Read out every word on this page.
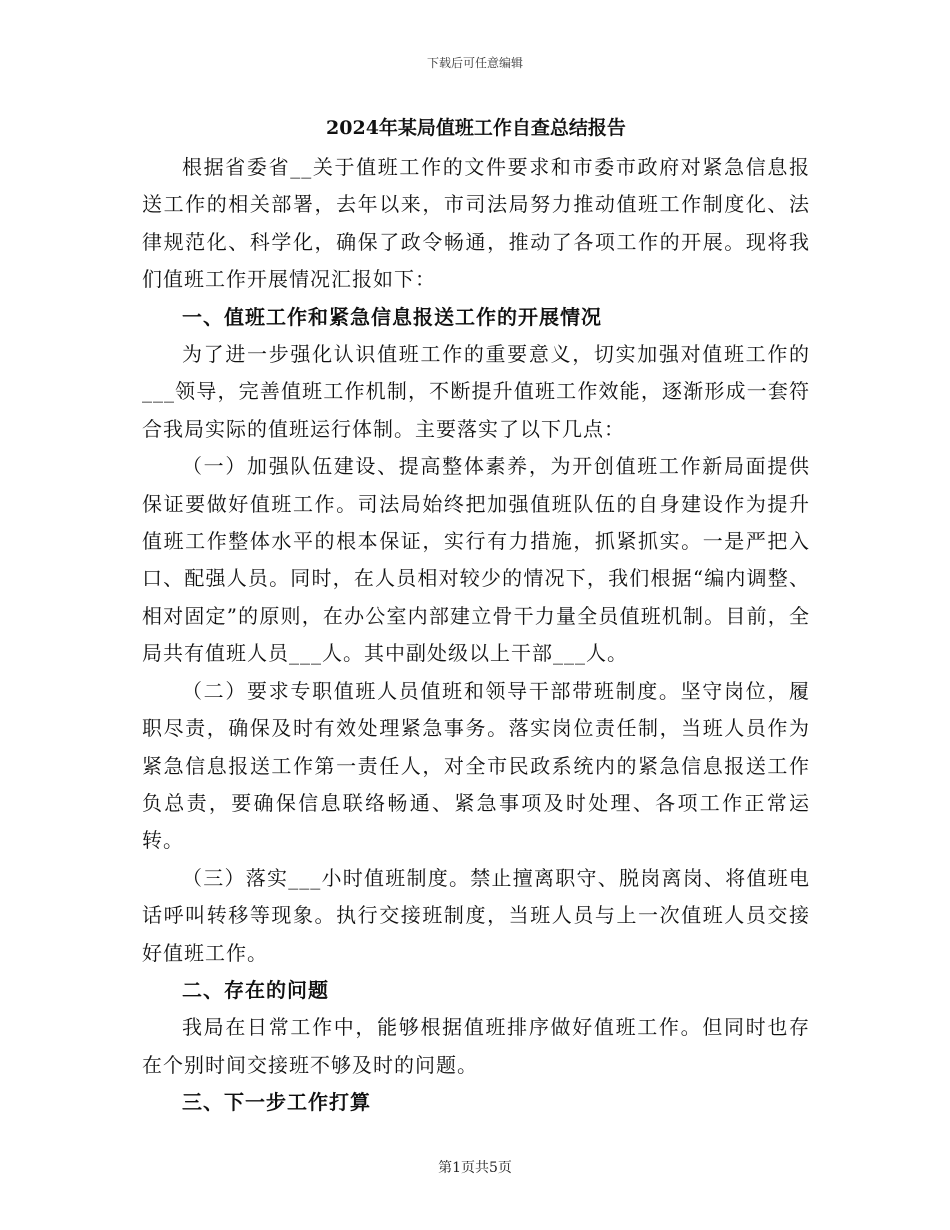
下载后可任意编辑
2024年某局值班工作自查总结报告

根据省委省__关于值班工作的文件要求和市委市政府对紧急信息报送工作的相关部署，去年以来，市司法局努力推动值班工作制度化、法律规范化、科学化，确保了政令畅通，推动了各项工作的开展。现将我们值班工作开展情况汇报如下：

一、值班工作和紧急信息报送工作的开展情况

为了进一步强化认识值班工作的重要意义，切实加强对值班工作的___领导，完善值班工作机制，不断提升值班工作效能，逐渐形成一套符合我局实际的值班运行体制。主要落实了以下几点：

（一）加强队伍建设、提高整体素养，为开创值班工作新局面提供保证要做好值班工作。司法局始终把加强值班队伍的自身建设作为提升值班工作整体水平的根本保证，实行有力措施，抓紧抓实。一是严把入口、配强人员。同时，在人员相对较少的情况下，我们根据“编内调整、相对固定”的原则，在办公室内部建立骨干力量全员值班机制。目前，全局共有值班人员___人。其中副处级以上干部___人。

（二）要求专职值班人员值班和领导干部带班制度。坚守岗位，履职尽责，确保及时有效处理紧急事务。落实岗位责任制，当班人员作为紧急信息报送工作第一责任人，对全市民政系统内的紧急信息报送工作负总责，要确保信息联络畅通、紧急事项及时处理、各项工作正常运转。

（三）落实___小时值班制度。禁止擅离职守、脱岗离岗、将值班电话呼叫转移等现象。执行交接班制度，当班人员与上一次值班人员交接好值班工作。

二、存在的问题

我局在日常工作中，能够根据值班排序做好值班工作。但同时也存在个别时间交接班不够及时的问题。

三、下一步工作打算

第1页共5页
